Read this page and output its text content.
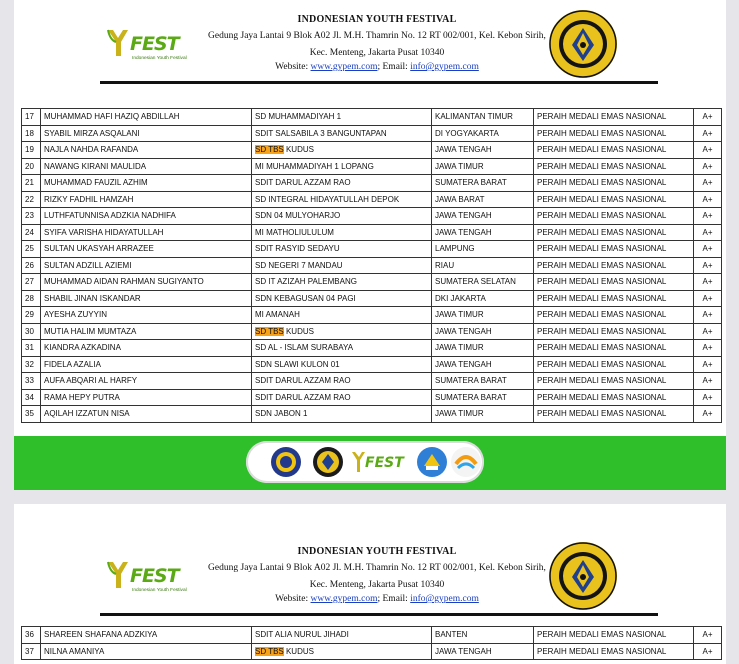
FEST
Indonesian Youth Festival
INDONESIAN YOUTH FESTIVAL
Gedung Jaya Lantai 9 Blok A02 Jl. M.H. Thamrin No. 12 RT 002/001, Kel. Kebon Sirih,
Kec. Menteng, Jakarta Pusat 10340
Website: www.gypem.com; Email: info@gypem.com
17	MUHAMMAD HAFI HAZIQ ABDILLAH	SD MUHAMMADIYAH 1	KALIMANTAN TIMUR	PERAIH MEDALI EMAS NASIONAL	A+
18	SYABIL MIRZA ASQALANI	SDIT SALSABILA 3 BANGUNTAPAN	DI YOGYAKARTA	PERAIH MEDALI EMAS NASIONAL	A+
19	NAJLA NAHDA RAFANDA	SD TBS KUDUS	JAWA TENGAH	PERAIH MEDALI EMAS NASIONAL	A+
20	NAWANG KIRANI MAULIDA	MI MUHAMMADIYAH 1 LOPANG	JAWA TIMUR	PERAIH MEDALI EMAS NASIONAL	A+
21	MUHAMMAD FAUZIL AZHIM	SDIT DARUL AZZAM RAO	SUMATERA BARAT	PERAIH MEDALI EMAS NASIONAL	A+
22	RIZKY FADHIL HAMZAH	SD INTEGRAL HIDAYATULLAH DEPOK	JAWA BARAT	PERAIH MEDALI EMAS NASIONAL	A+
23	LUTHFATUNNISA ADZKIA NADHIFA	SDN 04 MULYOHARJO	JAWA TENGAH	PERAIH MEDALI EMAS NASIONAL	A+
24	SYIFA VARISHA HIDAYATULLAH	MI MATHOLIULULUM	JAWA TENGAH	PERAIH MEDALI EMAS NASIONAL	A+
25	SULTAN UKASYAH ARRAZEE	SDIT RASYID SEDAYU	LAMPUNG	PERAIH MEDALI EMAS NASIONAL	A+
26	SULTAN ADZILL AZIEMI	SD NEGERI 7 MANDAU	RIAU	PERAIH MEDALI EMAS NASIONAL	A+
27	MUHAMMAD AIDAN RAHMAN SUGIYANTO	SD IT AZIZAH PALEMBANG	SUMATERA SELATAN	PERAIH MEDALI EMAS NASIONAL	A+
28	SHABIL JINAN ISKANDAR	SDN KEBAGUSAN 04 PAGI	DKI JAKARTA	PERAIH MEDALI EMAS NASIONAL	A+
29	AYESHA ZUYYIN	MI AMANAH	JAWA TIMUR	PERAIH MEDALI EMAS NASIONAL	A+
30	MUTIA HALIM MUMTAZA	SD TBS KUDUS	JAWA TENGAH	PERAIH MEDALI EMAS NASIONAL	A+
31	KIANDRA AZKADINA	SD AL - ISLAM SURABAYA	JAWA TIMUR	PERAIH MEDALI EMAS NASIONAL	A+
32	FIDELA AZALIA	SDN SLAWI KULON 01	JAWA TENGAH	PERAIH MEDALI EMAS NASIONAL	A+
33	AUFA ABQARI AL HARFY	SDIT DARUL AZZAM RAO	SUMATERA BARAT	PERAIH MEDALI EMAS NASIONAL	A+
34	RAMA HEPY PUTRA	SDIT DARUL AZZAM RAO	SUMATERA BARAT	PERAIH MEDALI EMAS NASIONAL	A+
35	AQILAH IZZATUN NISA	SDN JABON 1	JAWA TIMUR	PERAIH MEDALI EMAS NASIONAL	A+
FEST
FEST
Indonesian Youth Festival
INDONESIAN YOUTH FESTIVAL
Gedung Jaya Lantai 9 Blok A02 Jl. M.H. Thamrin No. 12 RT 002/001, Kel. Kebon Sirih,
Kec. Menteng, Jakarta Pusat 10340
Website: www.gypem.com; Email: info@gypem.com
36	SHAREEN SHAFANA ADZKIYA	SDIT ALIA NURUL JIHADI	BANTEN	PERAIH MEDALI EMAS NASIONAL	A+
37	NILNA AMANIYA	SD TBS KUDUS	JAWA TENGAH	PERAIH MEDALI EMAS NASIONAL	A+
